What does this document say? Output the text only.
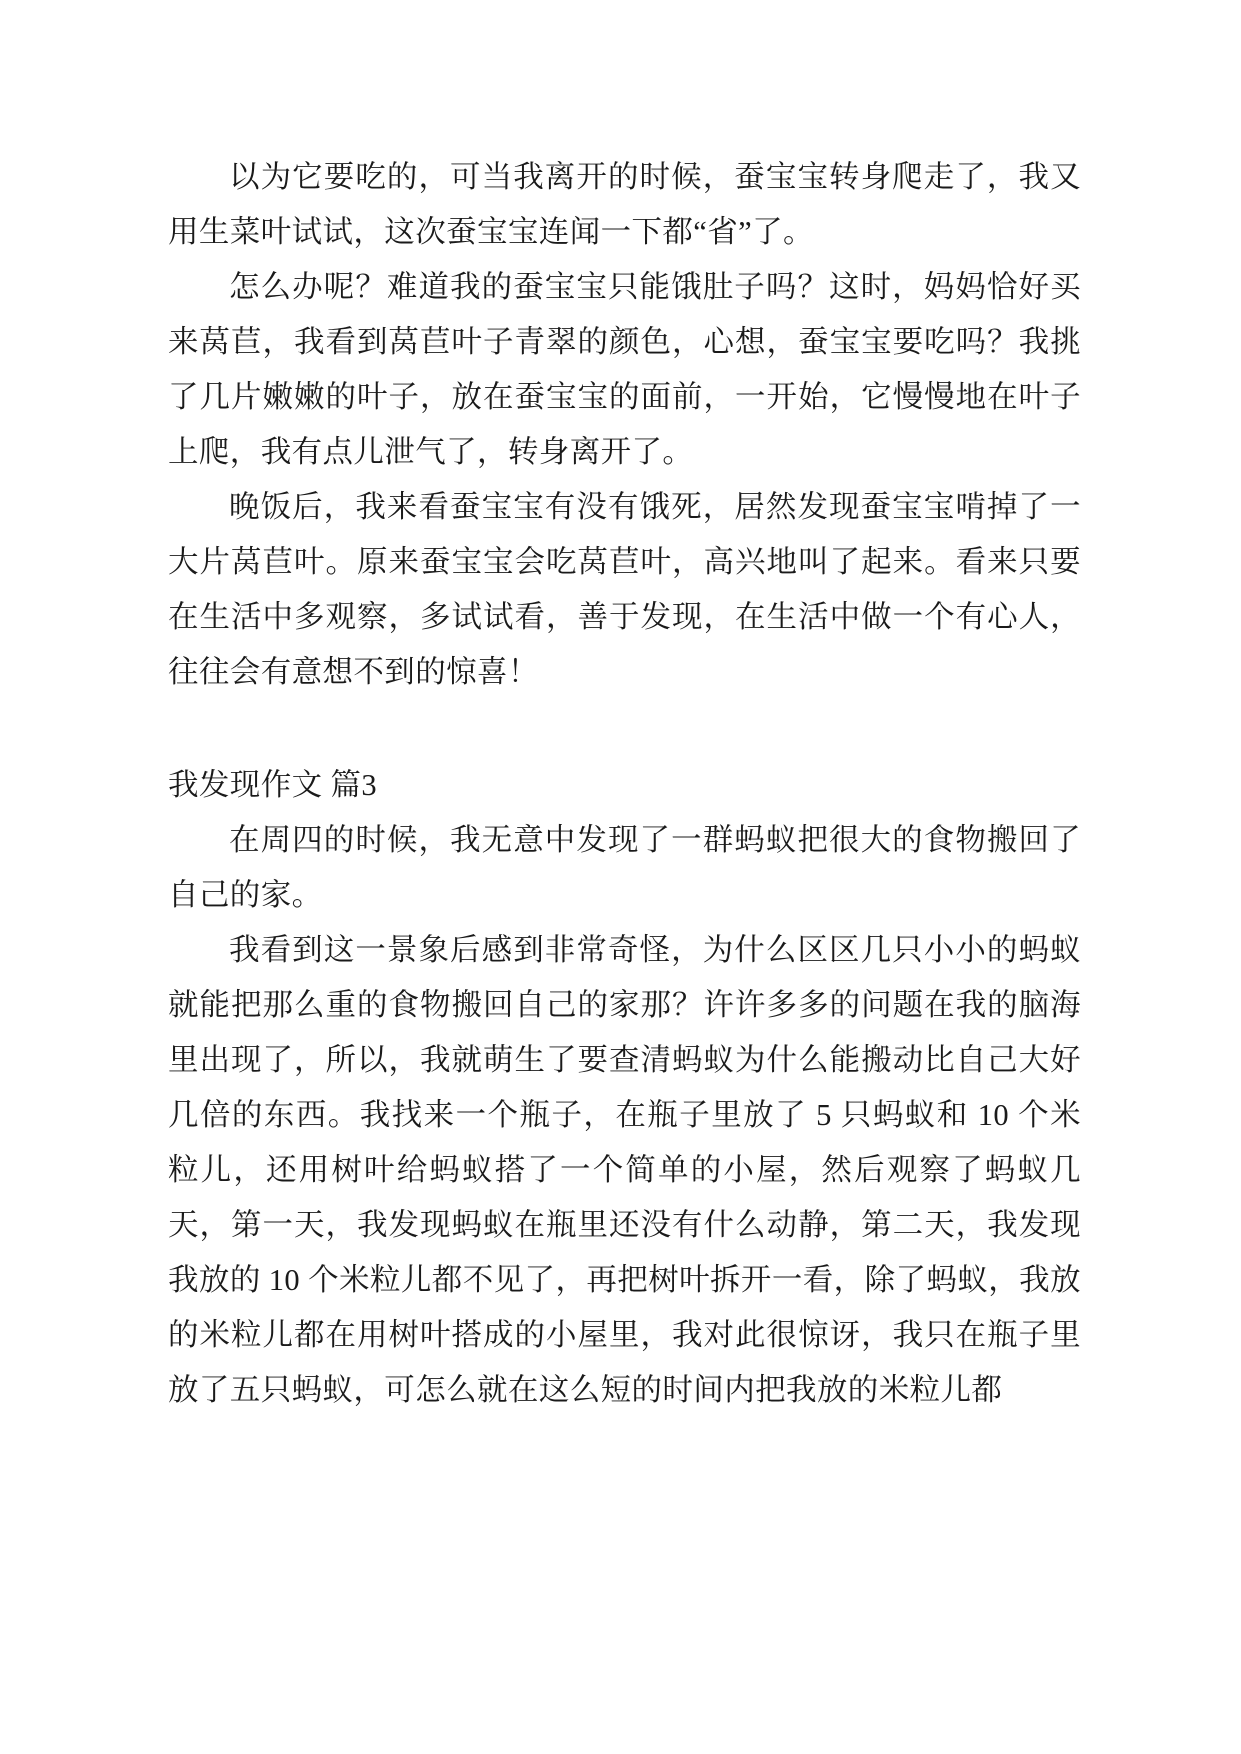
以为它要吃的，可当我离开的时候，蚕宝宝转身爬走了，我又用生菜叶试试，这次蚕宝宝连闻一下都“省”了。

怎么办呢？难道我的蚕宝宝只能饿肚子吗？这时，妈妈恰好买来莴苣，我看到莴苣叶子青翠的颜色，心想，蚕宝宝要吃吗？我挑了几片嫩嫩的叶子，放在蚕宝宝的面前，一开始，它慢慢地在叶子上爬，我有点儿泄气了，转身离开了。

晚饭后，我来看蚕宝宝有没有饿死，居然发现蚕宝宝啃掉了一大片莴苣叶。原来蚕宝宝会吃莴苣叶，高兴地叫了起来。看来只要在生活中多观察，多试试看，善于发现，在生活中做一个有心人，往往会有意想不到的惊喜！

我发现作文 篇3

在周四的时候，我无意中发现了一群蚂蚁把很大的食物搬回了自己的家。

我看到这一景象后感到非常奇怪，为什么区区几只小小的蚂蚁就能把那么重的食物搬回自己的家那？许许多多的问题在我的脑海里出现了，所以，我就萌生了要查清蚂蚁为什么能搬动比自己大好几倍的东西。我找来一个瓶子，在瓶子里放了 5 只蚂蚁和 10 个米粒儿，还用树叶给蚂蚁搭了一个简单的小屋，然后观察了蚂蚁几天，第一天，我发现蚂蚁在瓶里还没有什么动静，第二天，我发现我放的 10 个米粒儿都不见了，再把树叶拆开一看，除了蚂蚁，我放的米粒儿都在用树叶搭成的小屋里，我对此很惊讶，我只在瓶子里放了五只蚂蚁，可怎么就在这么短的时间内把我放的米粒儿都
